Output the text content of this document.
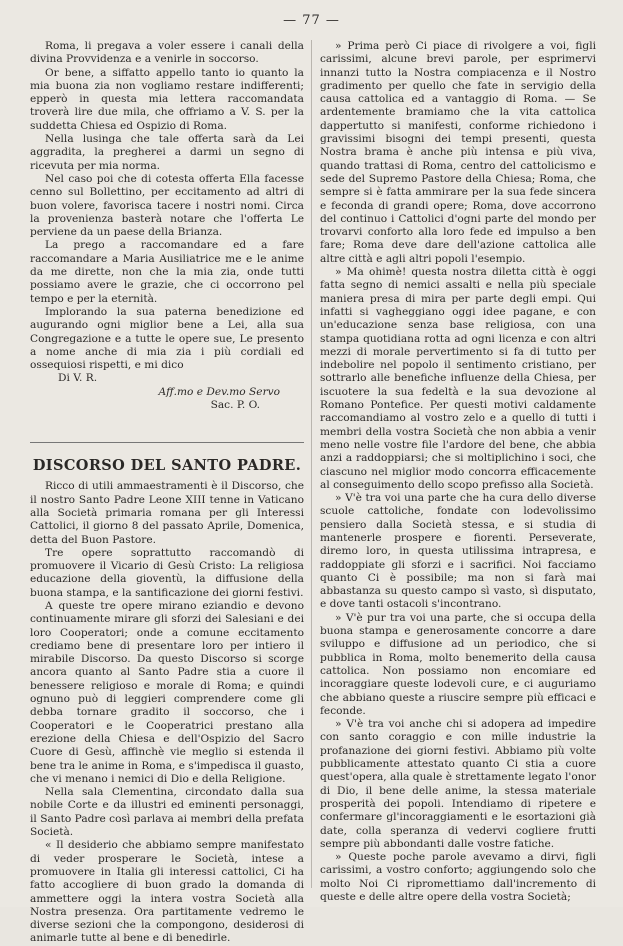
— 77 —

Roma, li pregava a voler essere i canali della divina Provvidenza e a venirle in soccorso.

Or bene, a siffatto appello tanto io quanto la mia buona zia non vogliamo restare indifferenti; epperò in questa mia lettera raccomandata troverà lire due mila, che offriamo a V. S. per la suddetta Chiesa ed Ospizio di Roma.

Nella lusinga che tale offerta sarà da Lei aggradita, la pregherei a darmi un segno di ricevuta per mia norma.

Nel caso poi che di cotesta offerta Ella facesse cenno sul Bollettino, per eccitamento ad altri di buon volere, favorisca tacere i nostri nomi. Circa la provenienza basterà notare che l'offerta Le perviene da un paese della Brianza.

La prego a raccomandare ed a fare raccomandare a Maria Ausiliatrice me e le anime da me dirette, non che la mia zia, onde tutti possiamo avere le grazie, che ci occorrono pel tempo e per la eternità.

Implorando la sua paterna benedizione ed augurando ogni miglior bene a Lei, alla sua Congregazione e a tutte le opere sue, Le presento a nome anche di mia zia i più cordiali ed ossequiosi rispetti, e mi dico

Di V. R.

Aff.mo e Dev.mo Servo

Sac. P. O.

DISCORSO DEL SANTO PADRE.

Ricco di utili ammaestramenti è il Discorso, che il nostro Santo Padre Leone XIII tenne in Vaticano alla Società primaria romana per gli Interessi Cattolici, il giorno 8 del passato Aprile, Domenica, detta del Buon Pastore.

Tre opere soprattutto raccomandò di promuovere il Vicario di Gesù Cristo: La religiosa educazione della gioventù, la diffusione della buona stampa, e la santificazione dei giorni festivi.

A queste tre opere mirano eziandio e devono continuamente mirare gli sforzi dei Salesiani e dei loro Cooperatori; onde a comune eccitamento crediamo bene di presentare loro per intiero il mirabile Discorso. Da questo Discorso si scorge ancora quanto al Santo Padre stia a cuore il benessere religioso e morale di Roma; e quindi ognuno può di leggieri comprendere come gli debba tornare gradito il soccorso, che i Cooperatori e le Cooperatrici prestano alla erezione della Chiesa e dell'Ospizio del Sacro Cuore di Gesù, affinchè vie meglio si estenda il bene tra le anime in Roma, e s'impedisca il guasto, che vi menano i nemici di Dio e della Religione.

Nella sala Clementina, circondato dalla sua nobile Corte e da illustri ed eminenti personaggi, il Santo Padre così parlava ai membri della prefata Società.

« Il desiderio che abbiamo sempre manifestato di veder prosperare le Società, intese a promuovere in Italia gli interessi cattolici, Ci ha fatto accogliere di buon grado la domanda di ammettere oggi la intera vostra Società alla Nostra presenza. Ora partitamente vedremo le diverse sezioni che la compongono, desiderosi di animarle tutte al bene e di benedirle.

» Prima però Ci piace di rivolgere a voi, figli carissimi, alcune brevi parole, per esprimervi innanzi tutto la Nostra compiacenza e il Nostro gradimento per quello che fate in servigio della causa cattolica ed a vantaggio di Roma. — Se ardentemente bramiamo che la vita cattolica dappertutto si manifesti, conforme richiedono i gravissimi bisogni dei tempi presenti, questa Nostra brama è anche più intensa e più viva, quando trattasi di Roma, centro del cattolicismo e sede del Supremo Pastore della Chiesa; Roma, che sempre si è fatta ammirare per la sua fede sincera e feconda di grandi opere; Roma, dove accorrono del continuo i Cattolici d'ogni parte del mondo per trovarvi conforto alla loro fede ed impulso a ben fare; Roma deve dare dell'azione cattolica alle altre città e agli altri popoli l'esempio.

» Ma ohimè! questa nostra diletta città è oggi fatta segno di nemici assalti e nella più speciale maniera presa di mira per parte degli empi. Qui infatti si vagheggiano oggi idee pagane, e con un'educazione senza base religiosa, con una stampa quotidiana rotta ad ogni licenza e con altri mezzi di morale pervertimento si fa di tutto per indebolire nel popolo il sentimento cristiano, per sottrarlo alle benefiche influenze della Chiesa, per iscuotere la sua fedeltà e la sua devozione al Romano Pontefice. Per questi motivi caldamente raccomandiamo al vostro zelo e a quello di tutti i membri della vostra Società che non abbia a venir meno nelle vostre file l'ardore del bene, che abbia anzi a raddoppiarsi; che si moltiplichino i soci, che ciascuno nel miglior modo concorra efficacemente al conseguimento dello scopo prefisso alla Società.

» V'è tra voi una parte che ha cura dello diverse scuole cattoliche, fondate con lodevolissimo pensiero dalla Società stessa, e si studia di mantenerle prospere e fiorenti. Perseverate, diremo loro, in questa utilissima intrapresa, e raddoppiate gli sforzi e i sacrifici. Noi facciamo quanto Ci è possibile; ma non si farà mai abbastanza su questo campo sì vasto, sì disputato, e dove tanti ostacoli s'incontrano.

» V'è pur tra voi una parte, che si occupa della buona stampa e generosamente concorre a dare sviluppo e diffusione ad un periodico, che si pubblica in Roma, molto benemerito della causa cattolica. Non possiamo non encomiare ed incoraggiare queste lodevoli cure, e ci auguriamo che abbiano queste a riuscire sempre più efficaci e feconde.

» V'è tra voi anche chi si adopera ad impedire con santo coraggio e con mille industrie la profanazione dei giorni festivi. Abbiamo più volte pubblicamente attestato quanto Ci stia a cuore quest'opera, alla quale è strettamente legato l'onor di Dio, il bene delle anime, la stessa materiale prosperità dei popoli. Intendiamo di ripetere e confermare gl'incoraggiamenti e le esortazioni già date, colla speranza di vedervi cogliere frutti sempre più abbondanti dalle vostre fatiche.

» Queste poche parole avevamo a dirvi, figli carissimi, a vostro conforto; aggiungendo solo che molto Noi Ci ripromettiamo dall'incremento di queste e delle altre opere della vostra Società;
